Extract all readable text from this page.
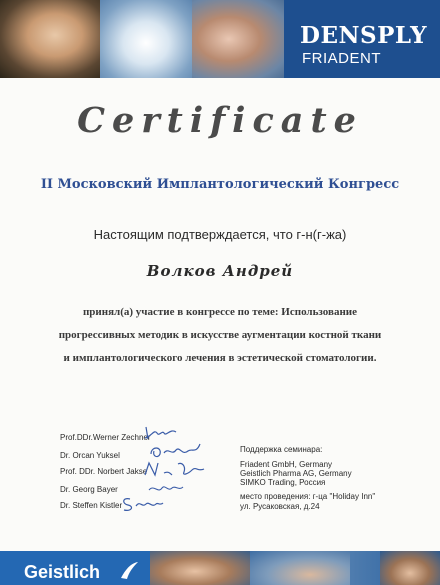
DENSPLY
FRIADENT
Certificate
II Московский Имплантологический Конгресс
Настоящим подтверждается, что г-н(г-жа)
Волков Андрей
принял(а) участие в конгрессе по теме: Использование
прогрессивных методик в искусстве аугментации костной ткани
и имплантологического лечения в эстетической стоматологии.
Prof.DDr.Werner Zechner
Dr. Orcan Yuksel
Prof. DDr. Norbert Jakse
Dr. Georg Bayer
Dr. Steffen Kistler
Поддержка семинара:
Friadent GmbH, Germany
Geistlich Pharma AG, Germany
SIMKO Trading, Россия
место проведения: г-ца "Holiday Inn"
ул. Русаковская, д.24
Geistlich
